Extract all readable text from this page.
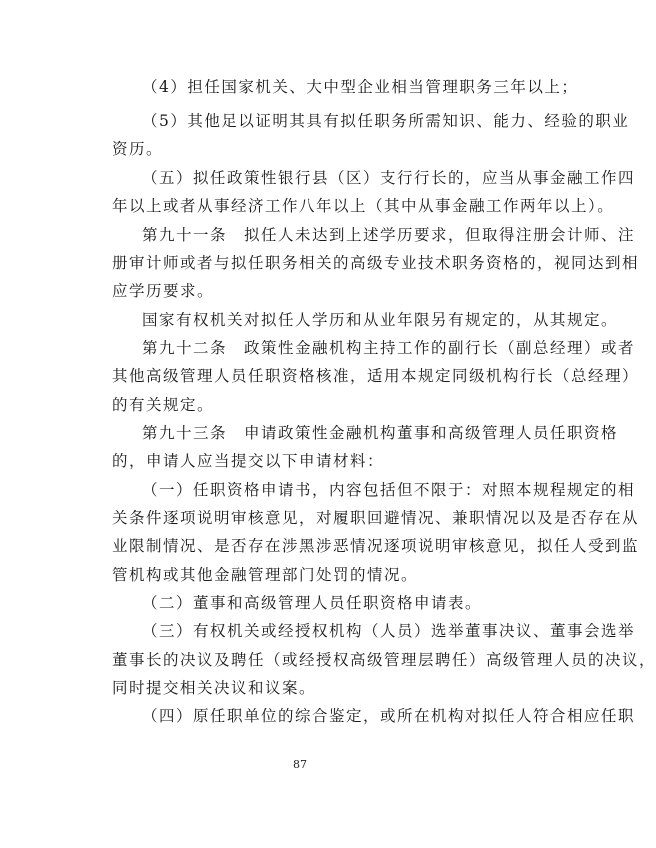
（4）担任国家机关、大中型企业相当管理职务三年以上；
（5）其他足以证明其具有拟任职务所需知识、能力、经验的职业
资历。
（五）拟任政策性银行县（区）支行行长的，应当从事金融工作四
年以上或者从事经济工作八年以上（其中从事金融工作两年以上）。
第九十一条　拟任人未达到上述学历要求，但取得注册会计师、注
册审计师或者与拟任职务相关的高级专业技术职务资格的，视同达到相
应学历要求。
国家有权机关对拟任人学历和从业年限另有规定的，从其规定。
第九十二条　政策性金融机构主持工作的副行长（副总经理）或者
其他高级管理人员任职资格核准，适用本规定同级机构行长（总经理）
的有关规定。
第九十三条　申请政策性金融机构董事和高级管理人员任职资格
的，申请人应当提交以下申请材料：
（一）任职资格申请书，内容包括但不限于：对照本规程规定的相
关条件逐项说明审核意见，对履职回避情况、兼职情况以及是否存在从
业限制情况、是否存在涉黑涉恶情况逐项说明审核意见，拟任人受到监
管机构或其他金融管理部门处罚的情况。
（二）董事和高级管理人员任职资格申请表。
（三）有权机关或经授权机构（人员）选举董事决议、董事会选举
董事长的决议及聘任（或经授权高级管理层聘任）高级管理人员的决议，
同时提交相关决议和议案。
（四）原任职单位的综合鉴定，或所在机构对拟任人符合相应任职
87
